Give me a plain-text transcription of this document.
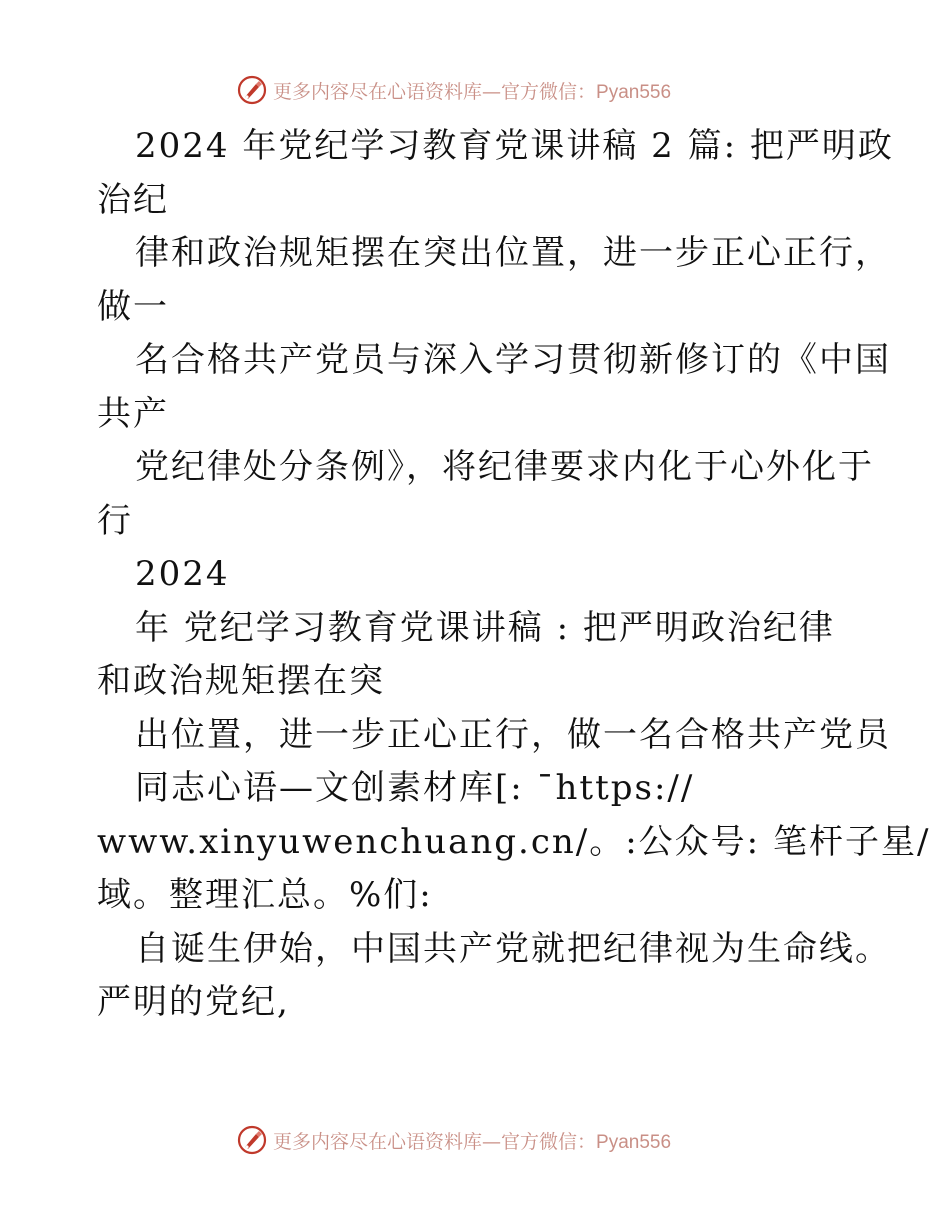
更多内容尽在心语资料库—官方微信：Pyan556
2024 年党纪学习教育党课讲稿 2 篇: 把严明政
治纪
律和政治规矩摆在突出位置，进一步正心正行，
做一
名合格共产党员与深入学习贯彻新修订的《中国
共产
党纪律处分条例》，将纪律要求内化于心外化于
行
2024
年 党纪学习教育党课讲稿 : 把严明政治纪律
和政治规矩摆在突
出位置，进一步正心正行，做一名合格共产党员
同志心语—文创素材库[: ¯https://
www.xinyuwenchuang.cn/。:公众号: 笔杆子星/
域。整理汇总。%们:
自诞生伊始，中国共产党就把纪律视为生命线。
严明的党纪,
更多内容尽在心语资料库—官方微信：Pyan556
